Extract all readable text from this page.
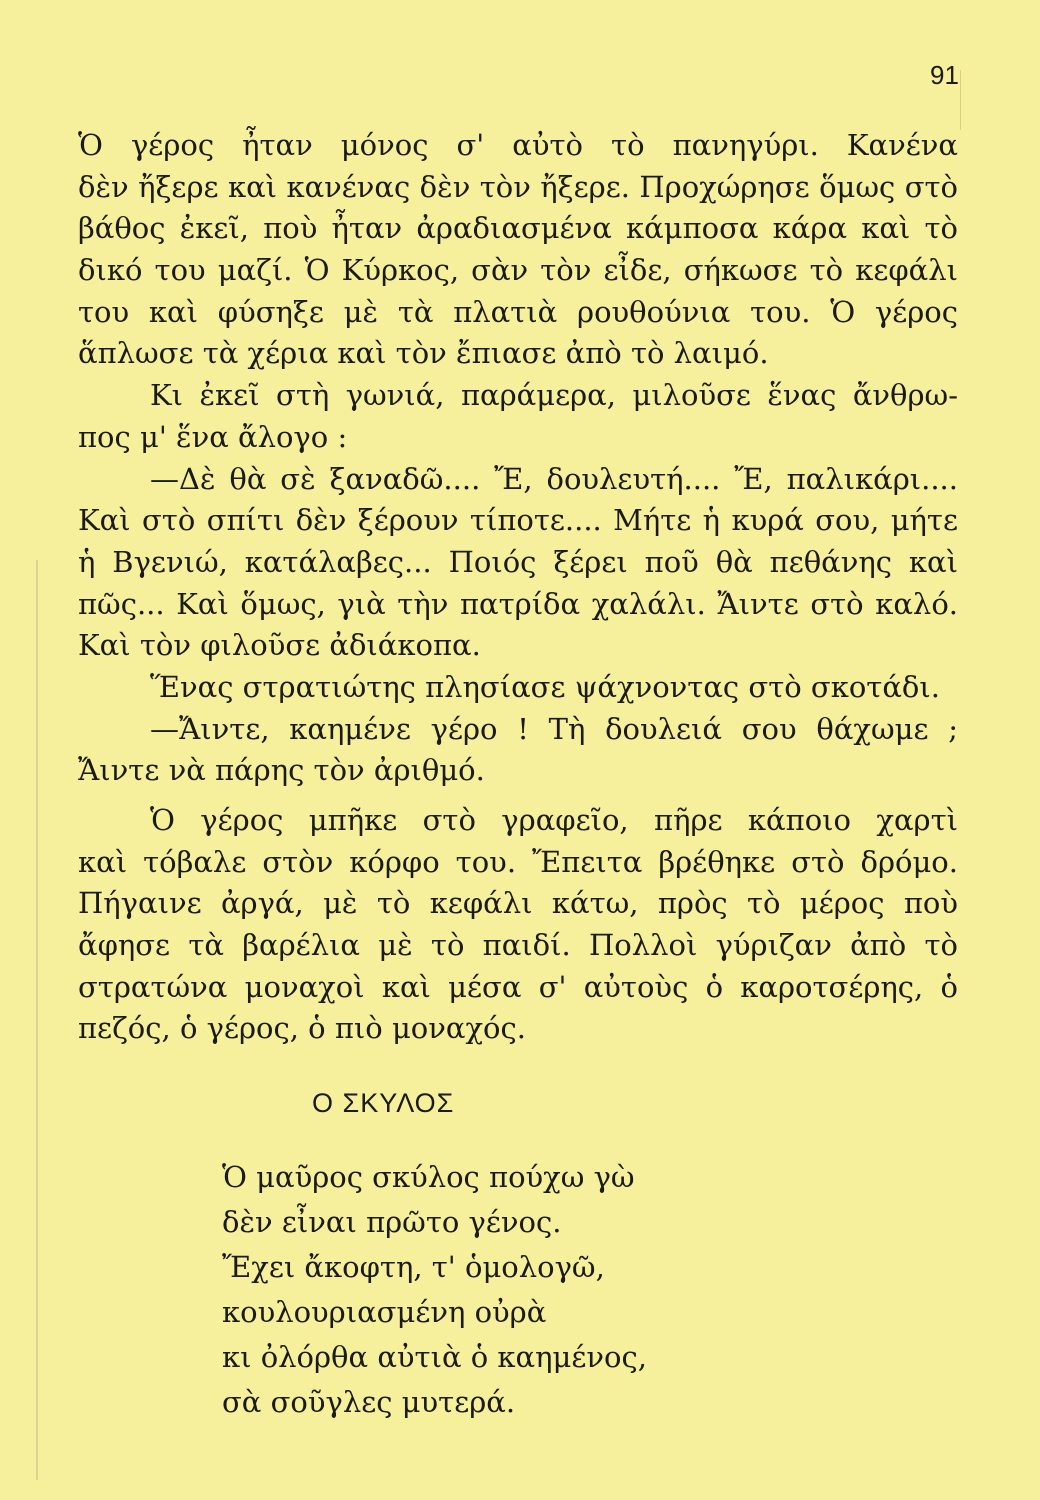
91
Ὁ γέρος ἦταν μόνος σ' αὐτὸ τὸ πανηγύρι. Κανένα
δὲν ἤξερε καὶ κανένας δὲν τὸν ἤξερε. Προχώρησε ὅμως στὸ
βάθος ἐκεῖ, ποὺ ἦταν ἀραδιασμένα κάμποσα κάρα καὶ τὸ
δικό του μαζί. Ὁ Κύρκος, σὰν τὸν εἶδε, σήκωσε τὸ κεφάλι
του καὶ φύσηξε μὲ τὰ πλατιὰ ρουθούνια του. Ὁ γέρος
ἅπλωσε τὰ χέρια καὶ τὸν ἔπιασε ἀπὸ τὸ λαιμό.
Κι ἐκεῖ στὴ γωνιά, παράμερα, μιλοῦσε ἕνας ἄνθρω-
πος μ' ἕνα ἄλογο :
—Δὲ θὰ σὲ ξαναδῶ.... Ἔ, δουλευτή.... Ἔ, παλικάρι....
Καὶ στὸ σπίτι δὲν ξέρουν τίποτε.... Μήτε ἡ κυρά σου, μήτε
ἡ Βγενιώ, κατάλαβες... Ποιός ξέρει ποῦ θὰ πεθάνης καὶ
πῶς... Καὶ ὅμως, γιὰ τὴν πατρίδα χαλάλι. Ἄιντε στὸ καλό.
Καὶ τὸν φιλοῦσε ἀδιάκοπα.
Ἕνας στρατιώτης πλησίασε ψάχνοντας στὸ σκοτάδι.
—Ἄιντε, καημένε γέρο ! Τὴ δουλειά σου θάχωμε ;
Ἄιντε νὰ πάρης τὸν ἀριθμό.
Ὁ γέρος μπῆκε στὸ γραφεῖο, πῆρε κάποιο χαρτὶ
καὶ τόβαλε στὸν κόρφο του. Ἔπειτα βρέθηκε στὸ δρόμο.
Πήγαινε ἀργά, μὲ τὸ κεφάλι κάτω, πρὸς τὸ μέρος ποὺ
ἄφησε τὰ βαρέλια μὲ τὸ παιδί. Πολλοὶ γύριζαν ἀπὸ τὸ
στρατώνα μοναχοὶ καὶ μέσα σ' αὐτοὺς ὁ καροτσέρης, ὁ
πεζός, ὁ γέρος, ὁ πιὸ μοναχός.
Ο ΣΚΥΛΟΣ
Ὁ μαῦρος σκύλος πούχω γὼ
δὲν εἶναι πρῶτο γένος.
Ἔχει ἄκοφτη, τ' ὁμολογῶ,
κουλουριασμένη οὐρὰ
κι ὀλόρθα αὐτιὰ ὁ καημένος,
σὰ σοῦγλες μυτερά.
